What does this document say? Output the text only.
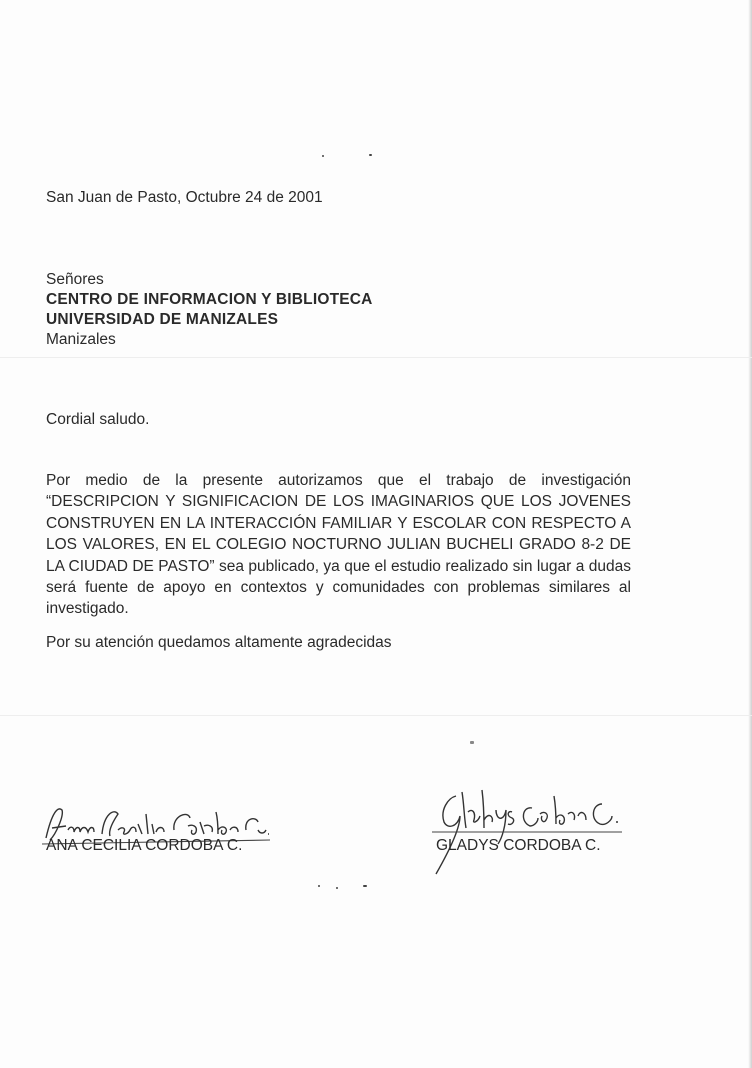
San Juan de Pasto, Octubre 24 de 2001
Señores
CENTRO DE INFORMACION Y BIBLIOTECA
UNIVERSIDAD DE MANIZALES
Manizales
Cordial saludo.
Por medio de la presente autorizamos que el trabajo de investigación “DESCRIPCION Y SIGNIFICACION DE LOS IMAGINARIOS QUE LOS JOVENES CONSTRUYEN EN LA INTERACCIÓN FAMILIAR Y ESCOLAR CON RESPECTO A LOS VALORES, EN EL COLEGIO NOCTURNO JULIAN BUCHELI GRADO 8-2 DE LA CIUDAD DE PASTO” sea publicado, ya que el estudio realizado sin lugar a dudas será fuente de apoyo en contextos y comunidades con problemas similares al investigado.
Por su atención quedamos altamente agradecidas
ANA CECILIA CORDOBA C.	GLADYS CORDOBA C.
